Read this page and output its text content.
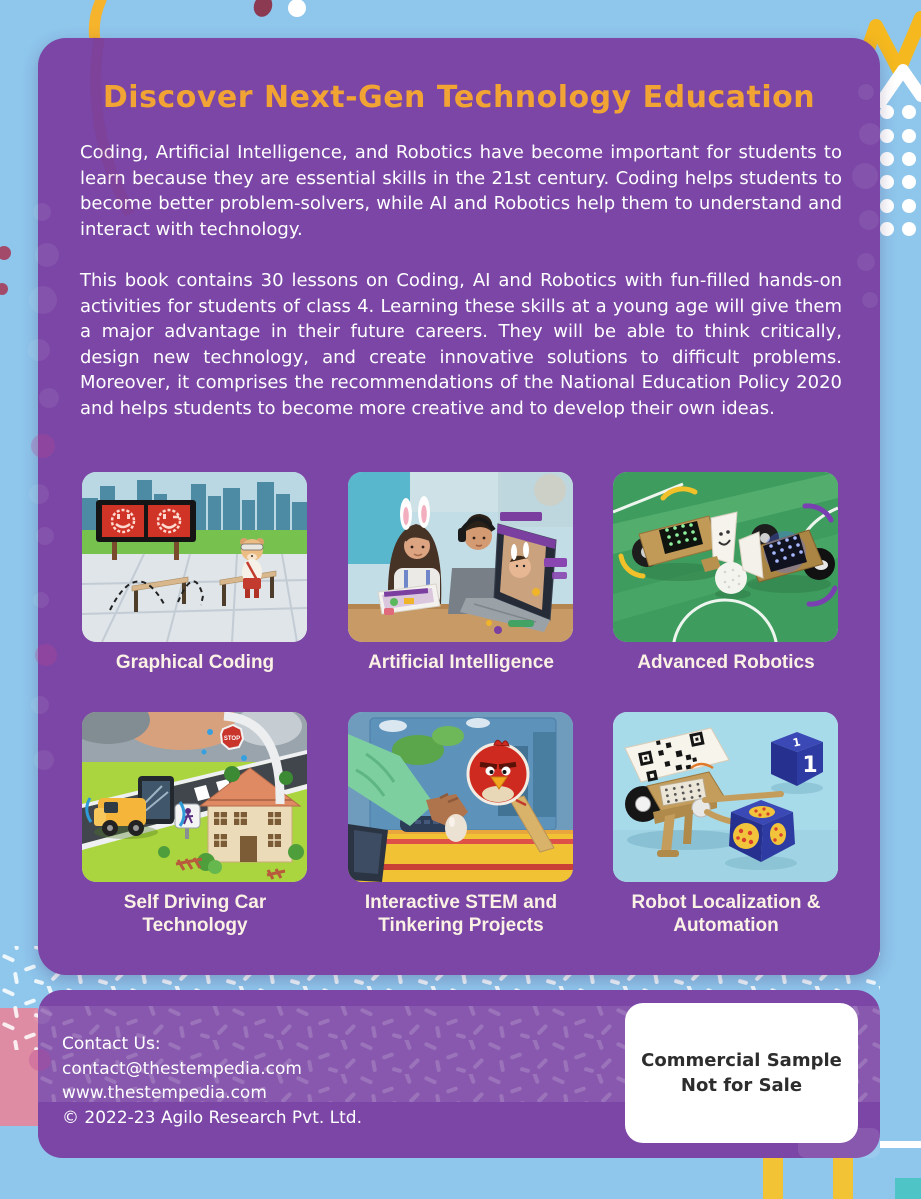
Discover Next-Gen Technology Education

Coding, Artificial Intelligence, and Robotics have become important for students to learn because they are essential skills in the 21st century. Coding helps students to become better problem-solvers, while AI and Robotics help them to understand and interact with technology.

This book contains 30 lessons on Coding, AI and Robotics with fun-filled hands-on activities for students of class 4. Learning these skills at a young age will give them a major advantage in their future careers. They will be able to think critically, design new technology, and create innovative solutions to difficult problems. Moreover, it comprises the recommendations of the National Education Policy 2020 and helps students to become more creative and to develop their own ideas.

Graphical Coding	Artificial Intelligence	Advanced Robotics
STOP
Self Driving Car Technology
Interactive STEM and Tinkering Projects
1
1
Robot Localization & Automation
Contact Us:
contact@thestempedia.com
www.thestempedia.com
© 2022-23 Agilo Research Pvt. Ltd.
Commercial Sample
Not for Sale
